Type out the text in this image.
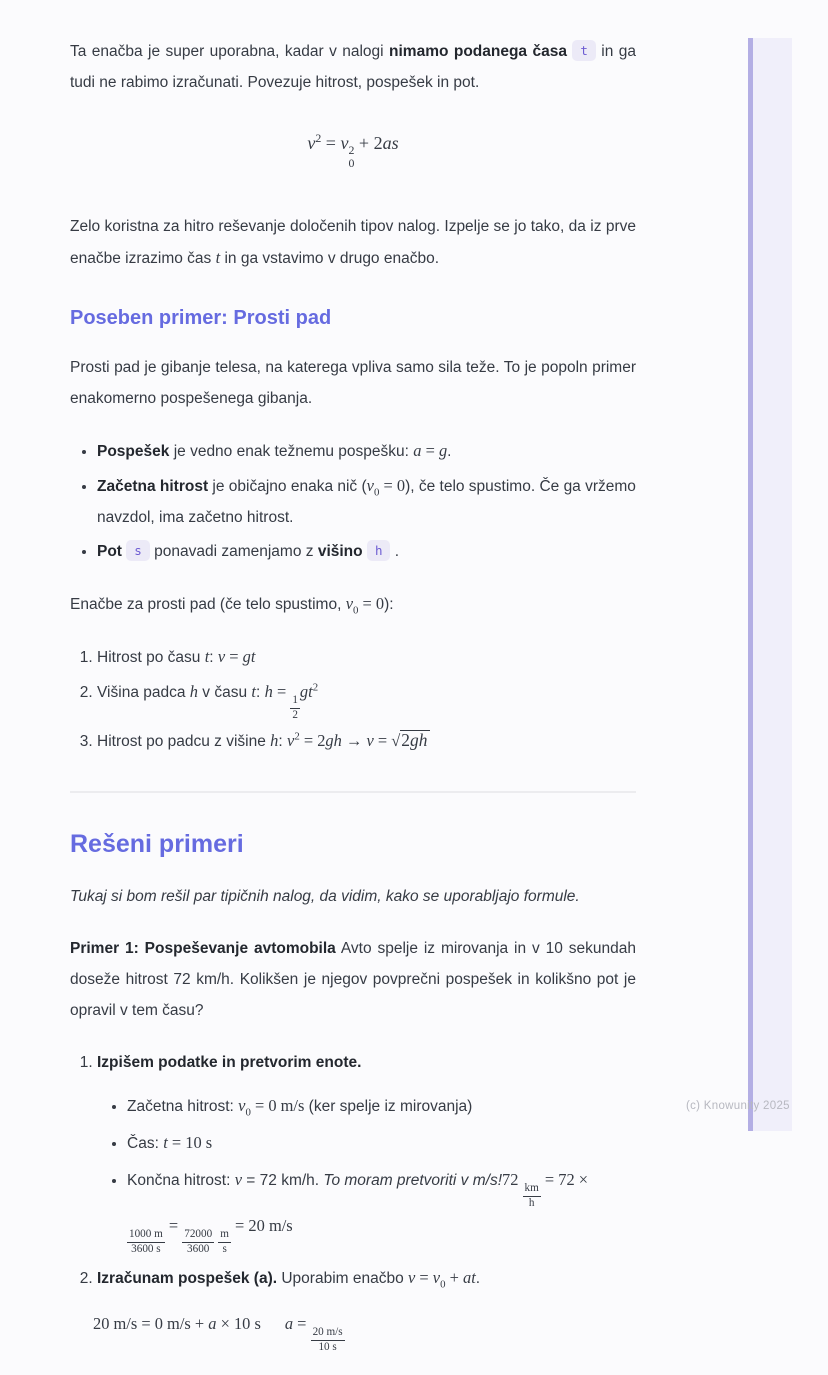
(c) Knowunity 2025

Ta enačba je super uporabna, kadar v nalogi nimamo podanega časa t in ga tudi ne rabimo izračunati. Povezuje hitrost, pospešek in pot.

$v^2 = v$ 2
0
+ 2as

Zelo koristna za hitro reševanje določenih tipov nalog. Izpelje se jo tako, da iz prve enačbe izrazimo čas t in ga vstavimo v drugo enačbo.

Poseben primer: Prosti pad

Prosti pad je gibanje telesa, na katerega vpliva samo sila teže. To je popoln primer enakomerno pospešenega gibanja.

• Pospešek je vedno enak težnemu pospešku: a = g.
• Začetna hitrost je običajno enaka nič $(v_0 = 0)$, če telo spustimo. Če ga vržemo navzdol, ima začetno hitrost.
• Pot s ponavadi zamenjamo z višino h .

Enačbe za prosti pad (če telo spustimo, $v_0 = 0$):

1. Hitrost po času t: v = gt
2. Višina padca h v času t: h =
$\frac{1}{2}$
$gt^2$
3. Hitrost po padcu z višine h: $v^2 = 2gh \to v = √2gh$
Rešeni primeri

Tukaj si bom rešil par tipičnih nalog, da vidim, kako se uporabljajo formule.

Primer 1: Pospeševanje avtomobila Avto spelje iz mirovanja in v 10 sekundah doseže hitrost 72 km/h. Kolikšen je njegov povprečni pospešek in kolikšno pot je opravil v tem času?

1. Izpišem podatke in pretvorim enote.
• Začetna hitrost: $v_0 = 0$ m/s (ker spelje iz mirovanja)
• Čas: t = 10 s
• Končna hitrost: v = 72 km/h. To moram pretvoriti v m/s!72
$\frac{km}{h}$
= 72 ×

$\frac{1000 m}{3600 s}$
=
$\frac{72000}{3600}$
$\frac{m}{s}$
= 20 m/s
2. Izračunam pospešek (a). Uporabim enačbo $v = v_0$ + at.
20 m/s = 0 m/s + a × 10 s a =
$\frac{20 m/s}{10 s}$
